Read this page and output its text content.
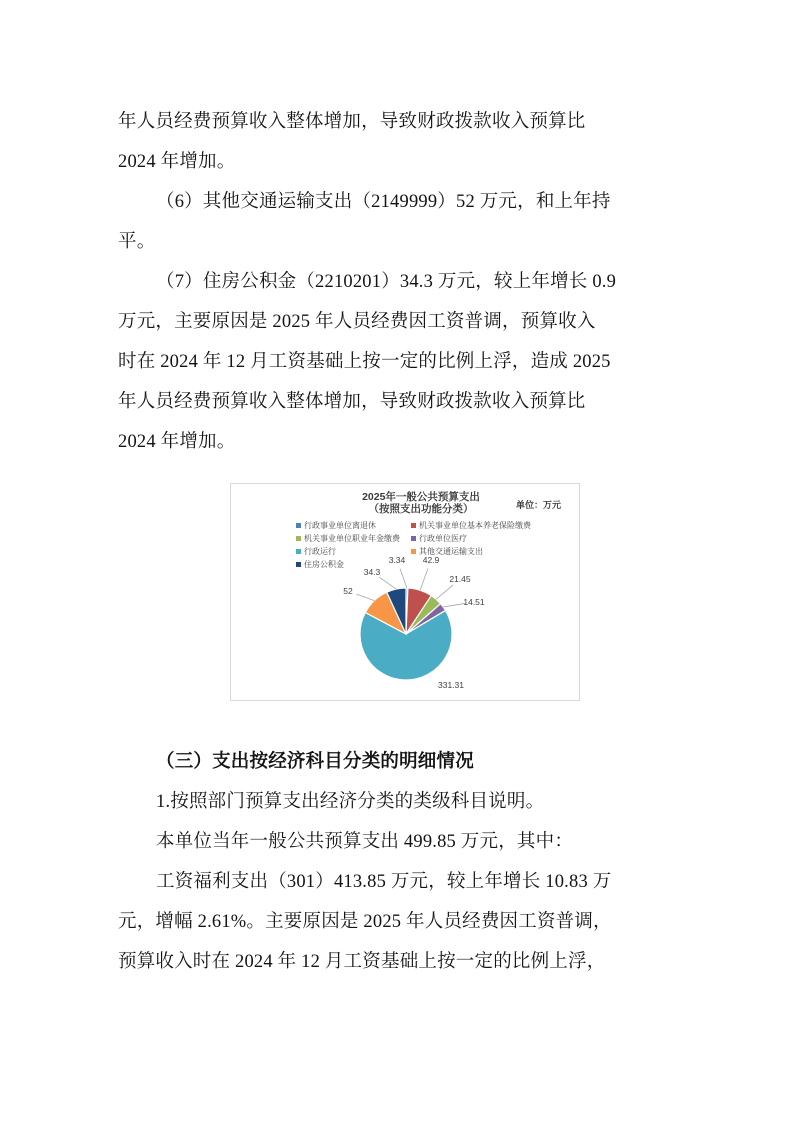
年人员经费预算收入整体增加，导致财政拨款收入预算比
2024 年增加。
（6）其他交通运输支出（2149999）52 万元，和上年持
平。
（7）住房公积金（2210201）34.3 万元，较上年增长 0.9
万元，主要原因是 2025 年人员经费因工资普调，预算收入
时在 2024 年 12 月工资基础上按一定的比例上浮，造成 2025
年人员经费预算收入整体增加，导致财政拨款收入预算比
2024 年增加。
2025年一般公共预算支出
（按照支出功能分类）	单位：万元
行政事业单位离退休	机关事业单位基本养老保险缴费
机关事业单位职业年金缴费 行政单位医疗
行政运行	其他交通运输支出
住房公积金	3.34 42.9
21.45
14.51
331.31
52
34.3
（三）支出按经济科目分类的明细情况
1.按照部门预算支出经济分类的类级科目说明。
本单位当年一般公共预算支出 499.85 万元，其中：
工资福利支出（301）413.85 万元，较上年增长 10.83 万
元，增幅 2.61%。主要原因是 2025 年人员经费因工资普调，
预算收入时在 2024 年 12 月工资基础上按一定的比例上浮，
